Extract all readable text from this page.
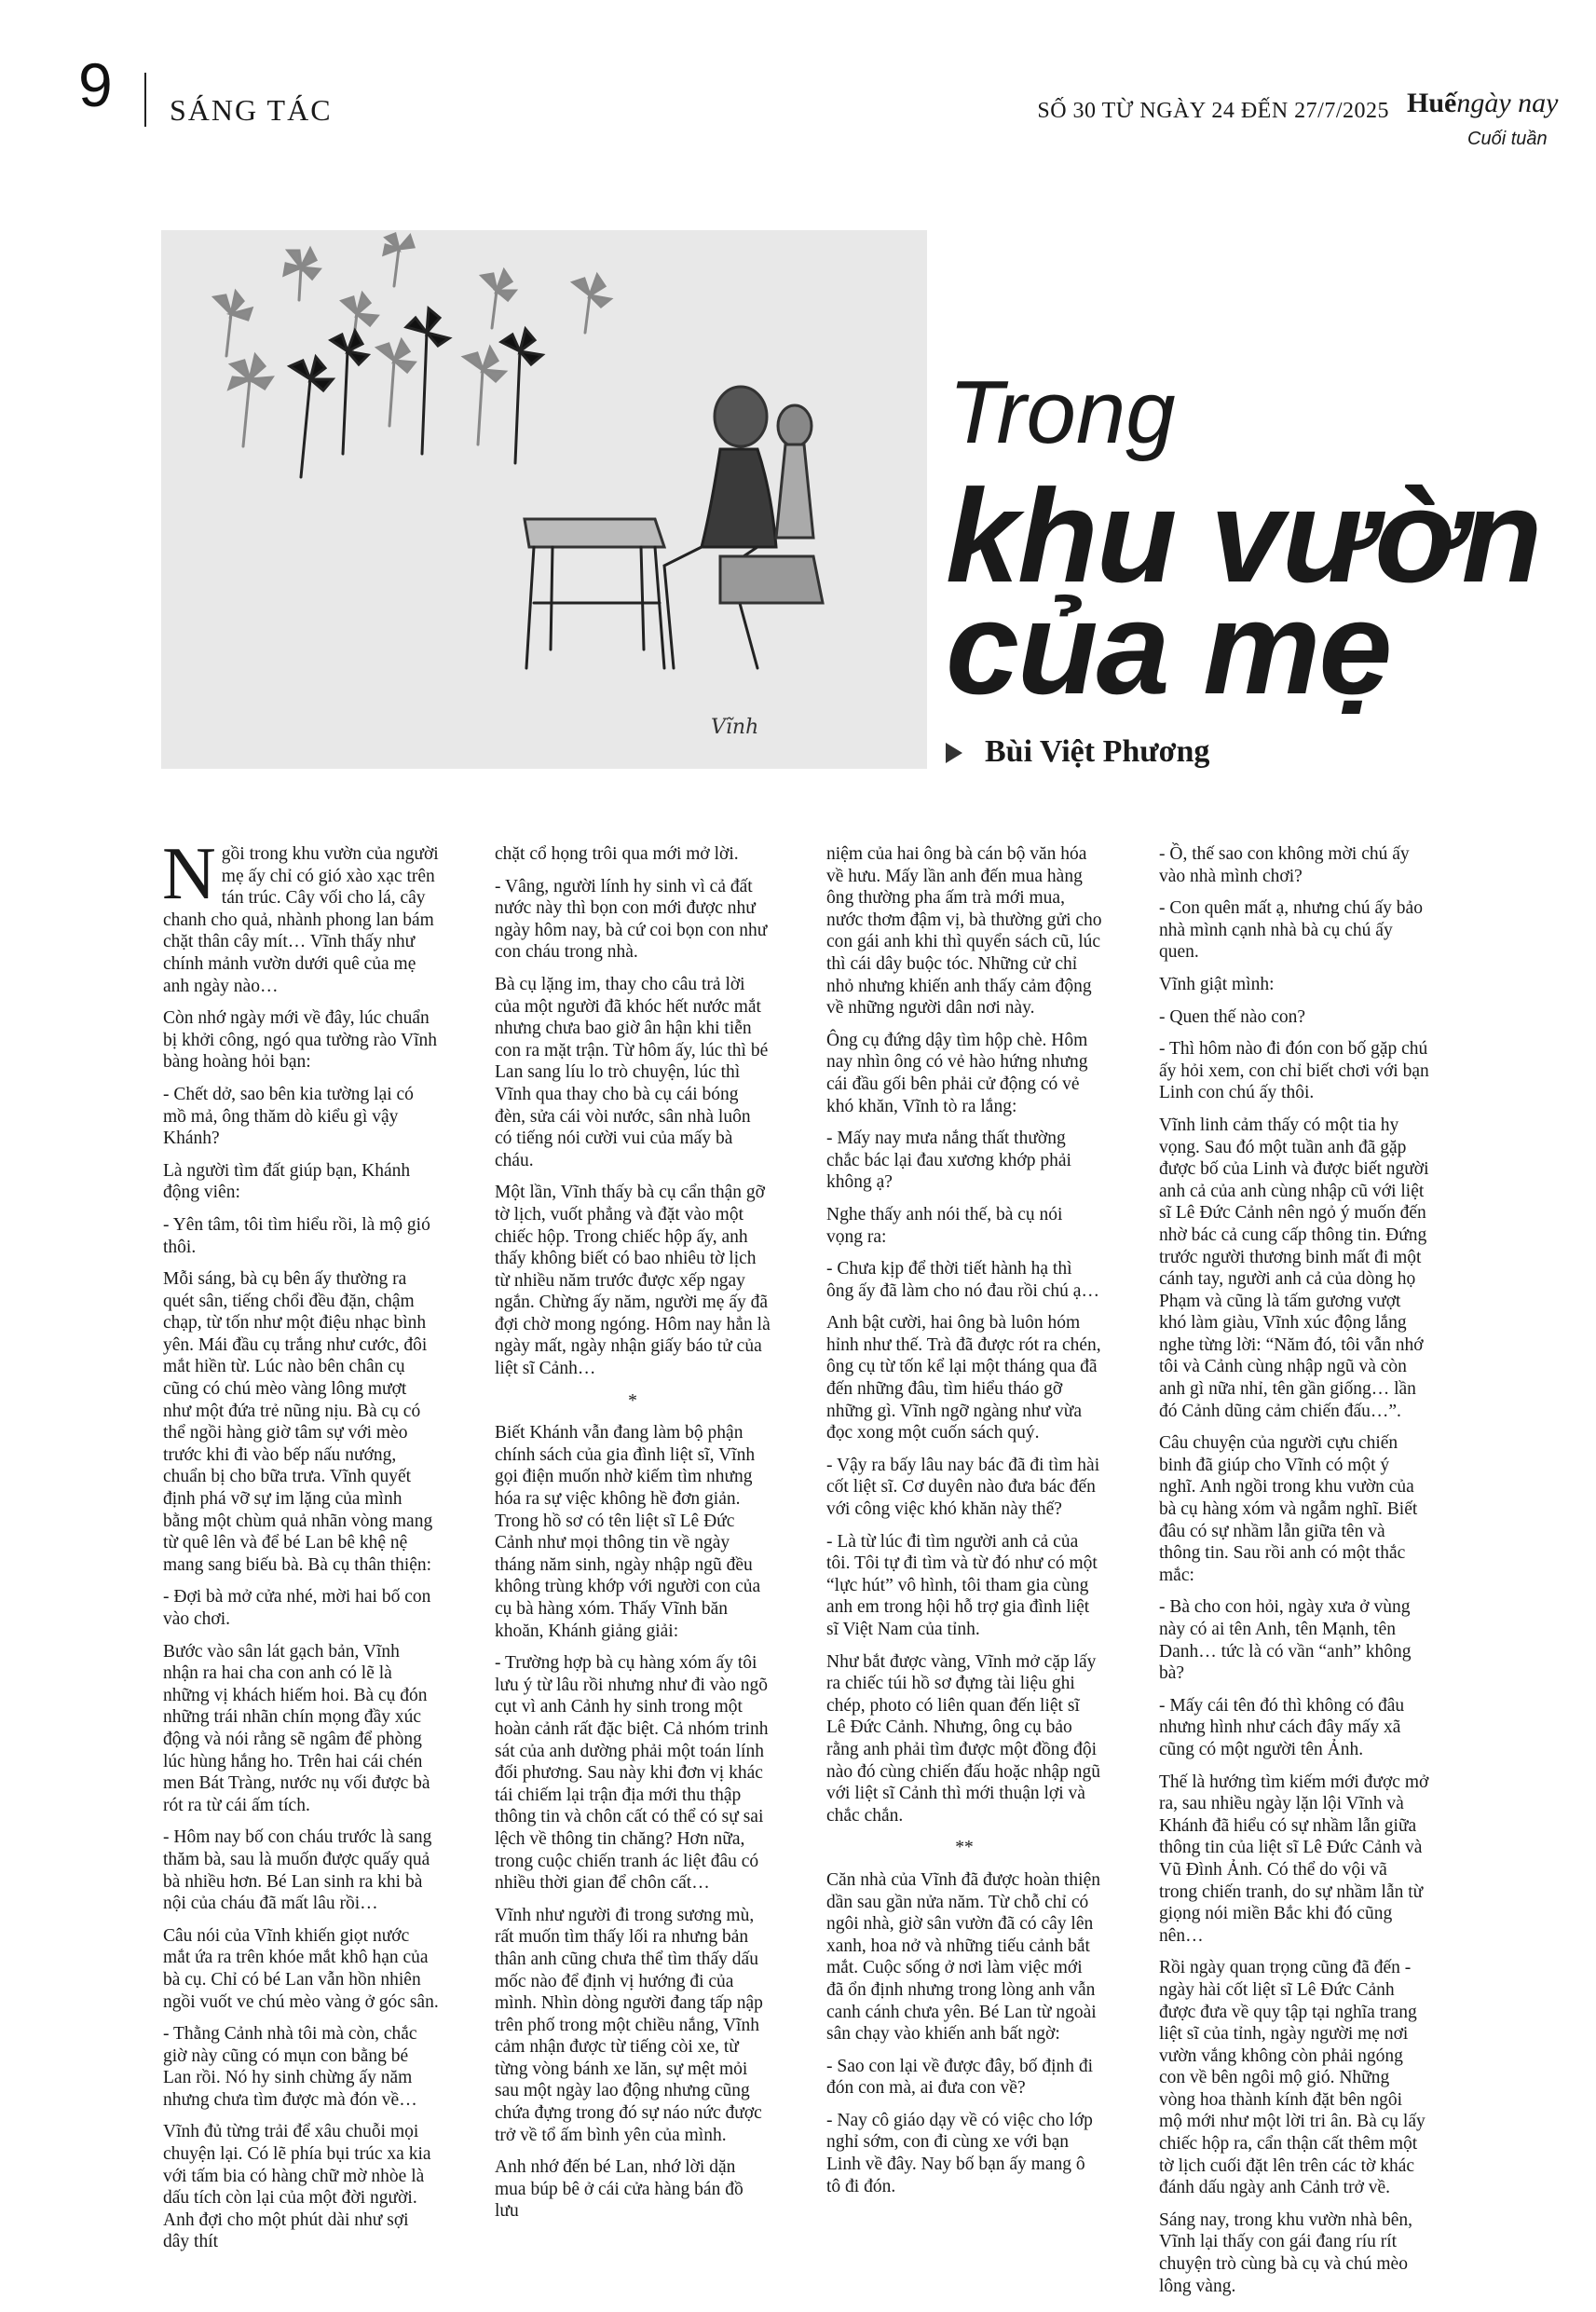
9 SÁNG TÁC	SỐ 30 TỪ NGÀY 24 ĐẾN 27/7/2025 Huếngày nay
Cuối tuần
Vĩnh
Trong
khu vườn
của mẹ
Bùi Việt Phương

Ngồi trong khu vườn của người mẹ ấy chỉ có gió xào xạc trên tán trúc. Cây vối cho lá, cây chanh cho quả, nhành phong lan bám chặt thân cây mít… Vĩnh thấy như chính mảnh vườn dưới quê của mẹ anh ngày nào…

Còn nhớ ngày mới về đây, lúc chuẩn bị khởi công, ngó qua tường rào Vĩnh bàng hoàng hỏi bạn:

- Chết dở, sao bên kia tường lại có mồ mả, ông thăm dò kiểu gì vậy Khánh?

Là người tìm đất giúp bạn, Khánh động viên:

- Yên tâm, tôi tìm hiểu rồi, là mộ gió thôi.

Mỗi sáng, bà cụ bên ấy thường ra quét sân, tiếng chổi đều đặn, chậm chạp, từ tốn như một điệu nhạc bình yên. Mái đầu cụ trắng như cước, đôi mắt hiền từ. Lúc nào bên chân cụ cũng có chú mèo vàng lông mượt như một đứa trẻ nũng nịu. Bà cụ có thể ngồi hàng giờ tâm sự với mèo trước khi đi vào bếp nấu nướng, chuẩn bị cho bữa trưa. Vĩnh quyết định phá vỡ sự im lặng của mình bằng một chùm quả nhãn vòng mang từ quê lên và để bé Lan bê khệ nệ mang sang biếu bà. Bà cụ thân thiện:

- Đợi bà mở cửa nhé, mời hai bố con vào chơi.

Bước vào sân lát gạch bản, Vĩnh nhận ra hai cha con anh có lẽ là những vị khách hiếm hoi. Bà cụ đón những trái nhãn chín mọng đầy xúc động và nói rằng sẽ ngâm để phòng lúc hùng hắng ho. Trên hai cái chén men Bát Tràng, nước nụ vối được bà rót ra từ cái ấm tích.

- Hôm nay bố con cháu trước là sang thăm bà, sau là muốn được quấy quả bà nhiều hơn. Bé Lan sinh ra khi bà nội của cháu đã mất lâu rồi…

Câu nói của Vĩnh khiến giọt nước mắt ứa ra trên khóe mắt khô hạn của bà cụ. Chỉ có bé Lan vẫn hồn nhiên ngồi vuốt ve chú mèo vàng ở góc sân.

- Thằng Cảnh nhà tôi mà còn, chắc giờ này cũng có mụn con bằng bé Lan rồi. Nó hy sinh chừng ấy năm nhưng chưa tìm được mà đón về…

Vĩnh đủ từng trải để xâu chuỗi mọi chuyện lại. Có lẽ phía bụi trúc xa kia với tấm bia có hàng chữ mờ nhòe là dấu tích còn lại của một đời người. Anh đợi cho một phút dài như sợi dây thít

chặt cổ họng trôi qua mới mở lời.

- Vâng, người lính hy sinh vì cả đất nước này thì bọn con mới được như ngày hôm nay, bà cứ coi bọn con như con cháu trong nhà.

Bà cụ lặng im, thay cho câu trả lời của một người đã khóc hết nước mắt nhưng chưa bao giờ ân hận khi tiễn con ra mặt trận. Từ hôm ấy, lúc thì bé Lan sang líu lo trò chuyện, lúc thì Vĩnh qua thay cho bà cụ cái bóng đèn, sửa cái vòi nước, sân nhà luôn có tiếng nói cười vui của mấy bà cháu.

Một lần, Vĩnh thấy bà cụ cẩn thận gỡ tờ lịch, vuốt phẳng và đặt vào một chiếc hộp. Trong chiếc hộp ấy, anh thấy không biết có bao nhiêu tờ lịch từ nhiều năm trước được xếp ngay ngắn. Chừng ấy năm, người mẹ ấy đã đợi chờ mong ngóng. Hôm nay hẳn là ngày mất, ngày nhận giấy báo tử của liệt sĩ Cảnh…

*

Biết Khánh vẫn đang làm bộ phận chính sách của gia đình liệt sĩ, Vĩnh gọi điện muốn nhờ kiếm tìm nhưng hóa ra sự việc không hề đơn giản. Trong hồ sơ có tên liệt sĩ Lê Đức Cảnh như mọi thông tin về ngày tháng năm sinh, ngày nhập ngũ đều không trùng khớp với người con của cụ bà hàng xóm. Thấy Vĩnh băn khoăn, Khánh giảng giải:

- Trường hợp bà cụ hàng xóm ấy tôi lưu ý từ lâu rồi nhưng như đi vào ngõ cụt vì anh Cảnh hy sinh trong một hoàn cảnh rất đặc biệt. Cả nhóm trinh sát của anh dường phải một toán lính đối phương. Sau này khi đơn vị khác tái chiếm lại trận địa mới thu thập thông tin và chôn cất có thể có sự sai lệch về thông tin chăng? Hơn nữa, trong cuộc chiến tranh ác liệt đâu có nhiều thời gian để chôn cất…

Vĩnh như người đi trong sương mù, rất muốn tìm thấy lối ra nhưng bản thân anh cũng chưa thể tìm thấy dấu mốc nào để định vị hướng đi của mình. Nhìn dòng người đang tấp nập trên phố trong một chiều nắng, Vĩnh cảm nhận được từ tiếng còi xe, từ từng vòng bánh xe lăn, sự mệt mỏi sau một ngày lao động nhưng cũng chứa đựng trong đó sự náo nức được trở về tổ ấm bình yên của mình.

Anh nhớ đến bé Lan, nhớ lời dặn mua búp bê ở cái cửa hàng bán đồ lưu

niệm của hai ông bà cán bộ văn hóa về hưu. Mấy lần anh đến mua hàng ông thường pha ấm trà mới mua, nước thơm đậm vị, bà thường gửi cho con gái anh khi thì quyển sách cũ, lúc thì cái dây buộc tóc. Những cử chỉ nhỏ nhưng khiến anh thấy cảm động về những người dân nơi này.

Ông cụ đứng dậy tìm hộp chè. Hôm nay nhìn ông có vẻ hào hứng nhưng cái đầu gối bên phải cử động có vẻ khó khăn, Vĩnh tò ra lắng:

- Mấy nay mưa nắng thất thường chắc bác lại đau xương khớp phải không ạ?

Nghe thấy anh nói thế, bà cụ nói vọng ra:

- Chưa kịp để thời tiết hành hạ thì ông ấy đã làm cho nó đau rồi chú ạ…

Anh bật cười, hai ông bà luôn hóm hỉnh như thế. Trà đã được rót ra chén, ông cụ từ tốn kể lại một tháng qua đã đến những đâu, tìm hiểu tháo gỡ những gì. Vĩnh ngỡ ngàng như vừa đọc xong một cuốn sách quý.

- Vậy ra bấy lâu nay bác đã đi tìm hài cốt liệt sĩ. Cơ duyên nào đưa bác đến với công việc khó khăn này thế?

- Là từ lúc đi tìm người anh cả của tôi. Tôi tự đi tìm và từ đó như có một “lực hút” vô hình, tôi tham gia cùng anh em trong hội hỗ trợ gia đình liệt sĩ Việt Nam của tỉnh.

Như bắt được vàng, Vĩnh mở cặp lấy ra chiếc túi hồ sơ đựng tài liệu ghi chép, photo có liên quan đến liệt sĩ Lê Đức Cảnh. Nhưng, ông cụ bảo rằng anh phải tìm được một đồng đội nào đó cùng chiến đấu hoặc nhập ngũ với liệt sĩ Cảnh thì mới thuận lợi và chắc chắn.

**

Căn nhà của Vĩnh đã được hoàn thiện dần sau gần nửa năm. Từ chỗ chỉ có ngôi nhà, giờ sân vườn đã có cây lên xanh, hoa nở và những tiếu cảnh bắt mắt. Cuộc sống ở nơi làm việc mới đã ổn định nhưng trong lòng anh vẫn canh cánh chưa yên. Bé Lan từ ngoài sân chạy vào khiến anh bất ngờ:

- Sao con lại về được đây, bố định đi đón con mà, ai đưa con về?

- Nay cô giáo dạy về có việc cho lớp nghỉ sớm, con đi cùng xe với bạn Linh về đây. Nay bố bạn ấy mang ô tô đi đón.

- Ồ, thế sao con không mời chú ấy vào nhà mình chơi?

- Con quên mất ạ, nhưng chú ấy bảo nhà mình cạnh nhà bà cụ chú ấy quen.

Vĩnh giật mình:

- Quen thế nào con?

- Thì hôm nào đi đón con bố gặp chú ấy hỏi xem, con chỉ biết chơi với bạn Linh con chú ấy thôi.

Vĩnh linh cảm thấy có một tia hy vọng. Sau đó một tuần anh đã gặp được bố của Linh và được biết người anh cả của anh cùng nhập cũ với liệt sĩ Lê Đức Cảnh nên ngỏ ý muốn đến nhờ bác cả cung cấp thông tin. Đứng trước người thương binh mất đi một cánh tay, người anh cả của dòng họ Phạm và cũng là tấm gương vượt khó làm giàu, Vĩnh xúc động lắng nghe từng lời: “Năm đó, tôi vẫn nhớ tôi và Cảnh cùng nhập ngũ và còn anh gì nữa nhỉ, tên gần giống… lần đó Cảnh dũng cảm chiến đấu…”.

Câu chuyện của người cựu chiến binh đã giúp cho Vĩnh có một ý nghĩ. Anh ngồi trong khu vườn của bà cụ hàng xóm và ngẫm nghĩ. Biết đâu có sự nhầm lẫn giữa tên và thông tin. Sau rồi anh có một thắc mắc:

- Bà cho con hỏi, ngày xưa ở vùng này có ai tên Anh, tên Mạnh, tên Danh… tức là có vần “anh” không bà?

- Mấy cái tên đó thì không có đâu nhưng hình như cách đây mấy xã cũng có một người tên Ảnh.

Thế là hướng tìm kiếm mới được mở ra, sau nhiều ngày lặn lội Vĩnh và Khánh đã hiểu có sự nhầm lẫn giữa thông tin của liệt sĩ Lê Đức Cảnh và Vũ Đình Ảnh. Có thể do vội vã trong chiến tranh, do sự nhầm lẫn từ giọng nói miền Bắc khi đó cũng nên…

Rồi ngày quan trọng cũng đã đến - ngày hài cốt liệt sĩ Lê Đức Cảnh được đưa về quy tập tại nghĩa trang liệt sĩ của tỉnh, ngày người mẹ nơi vườn vắng không còn phải ngóng con về bên ngôi mộ gió. Những vòng hoa thành kính đặt bên ngôi mộ mới như một lời tri ân. Bà cụ lấy chiếc hộp ra, cẩn thận cất thêm một tờ lịch cuối đặt lên trên các tờ khác đánh dấu ngày anh Cảnh trở về.

Sáng nay, trong khu vườn nhà bên, Vĩnh lại thấy con gái đang ríu rít chuyện trò cùng bà cụ và chú mèo lông vàng.
